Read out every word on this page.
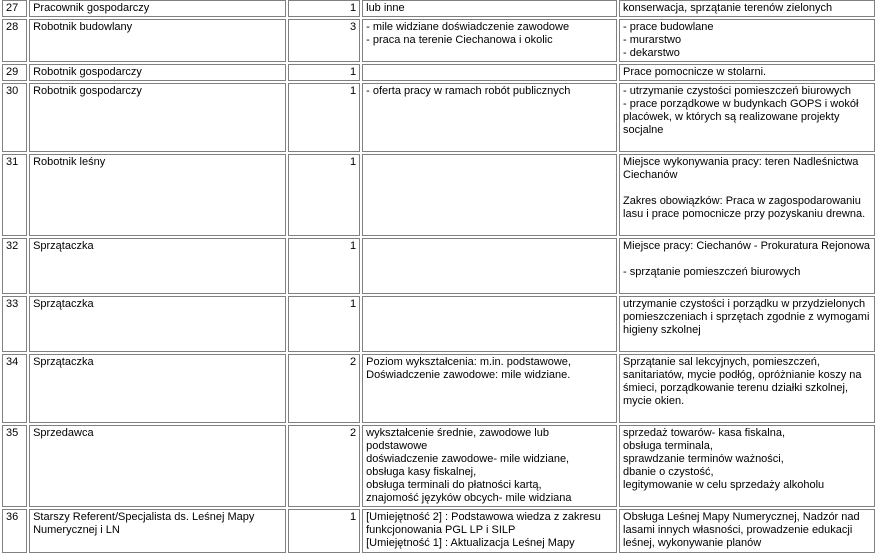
27	Pracownik gospodarczy	1	lub inne	konserwacja, sprzątanie terenów zielonych
28	Robotnik budowlany	3	- mile widziane doświadczenie zawodowe
- praca na terenie Ciechanowa i okolic	- prace budowlane
- murarstwo
- dekarstwo
29	Robotnik gospodarczy	1		Prace pomocnicze w stolarni.
30	Robotnik gospodarczy	1	- oferta pracy w ramach robót publicznych	- utrzymanie czystości pomieszczeń biurowych
- prace porządkowe w budynkach GOPS i wokół placówek, w których są realizowane projekty socjalne
31	Robotnik leśny	1		Miejsce wykonywania pracy: teren Nadleśnictwa Ciechanów

Zakres obowiązków: Praca w zagospodarowaniu lasu i prace pomocnicze przy pozyskaniu drewna.
32	Sprzątaczka	1		Miejsce pracy: Ciechanów - Prokuratura Rejonowa

- sprzątanie pomieszczeń biurowych
33	Sprzątaczka	1		utrzymanie czystości i porządku w przydzielonych pomieszczeniach i sprzętach zgodnie z wymogami higieny szkolnej
34	Sprzątaczka	2	Poziom wykształcenia: m.in. podstawowe,
Doświadczenie zawodowe: mile widziane.	Sprzątanie sal lekcyjnych, pomieszczeń, sanitariatów, mycie podłóg, opróżnianie koszy na śmieci, porządkowanie terenu działki szkolnej, mycie okien.
35	Sprzedawca	2	wykształcenie średnie, zawodowe lub podstawowe
doświadczenie zawodowe- mile widziane,
obsługa kasy fiskalnej,
obsługa terminali do płatności kartą,
znajomość języków obcych- mile widziana	sprzedaż towarów- kasa fiskalna,
obsługa terminala,
sprawdzanie terminów ważności,
dbanie o czystość,
legitymowanie w celu sprzedaży alkoholu
36	Starszy Referent/Specjalista ds. Leśnej Mapy Numerycznej i LN	1	[Umiejętność 2] : Podstawowa wiedza z zakresu funkcjonowania PGL LP i SILP
[Umiejętność 1] : Aktualizacja Leśnej Mapy	Obsługa Leśnej Mapy Numerycznej, Nadzór nad lasami innych własności, prowadzenie edukacji leśnej, wykonywanie planów
